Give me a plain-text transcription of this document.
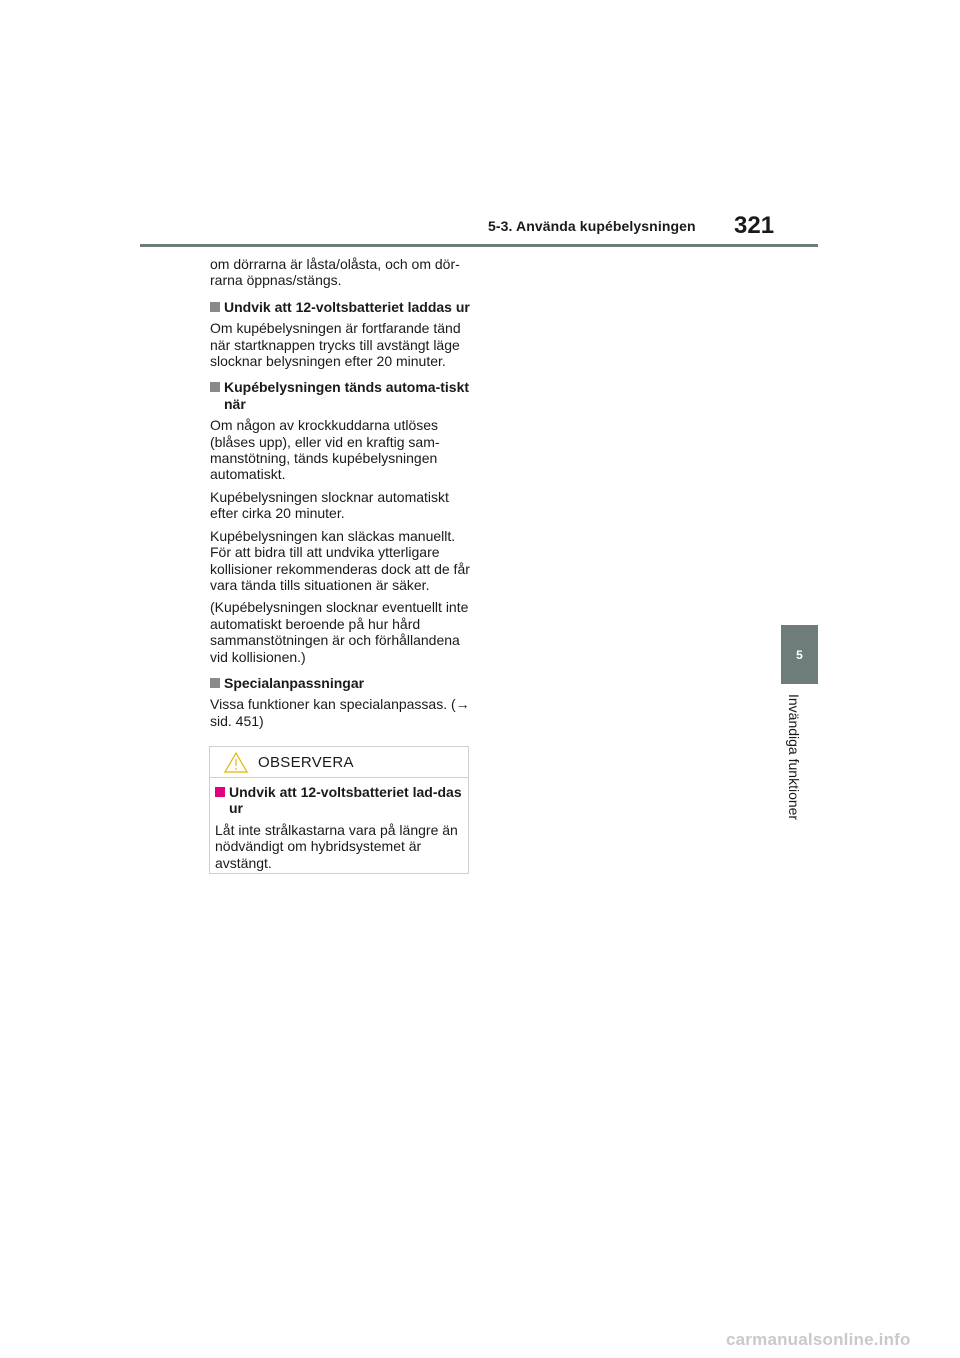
5-3. Använda kupébelysningen 321
5
Invändiga funktioner

om dörrarna är låsta/olåsta, och om dör-rarna öppnas/stängs.

Undvik att 12-voltsbatteriet laddas ur

Om kupébelysningen är fortfarande tänd när startknappen trycks till avstängt läge slocknar belysningen efter 20 minuter.

Kupébelysningen tänds automa-tiskt när

Om någon av krockkuddarna utlöses (blåses upp), eller vid en kraftig sam-manstötning, tänds kupébelysningen automatiskt.

Kupébelysningen slocknar automatiskt efter cirka 20 minuter.

Kupébelysningen kan släckas manuellt. För att bidra till att undvika ytterligare kollisioner rekommenderas dock att de får vara tända tills situationen är säker.

(Kupébelysningen slocknar eventuellt inte automatiskt beroende på hur hård sammanstötningen är och förhållandena vid kollisionen.)

Specialanpassningar

Vissa funktioner kan specialanpassas. (→ sid. 451)

OBSERVERA
Undvik att 12-voltsbatteriet lad-das ur

Låt inte strålkastarna vara på längre än nödvändigt om hybridsystemet är avstängt.

carmanualsonline.info
